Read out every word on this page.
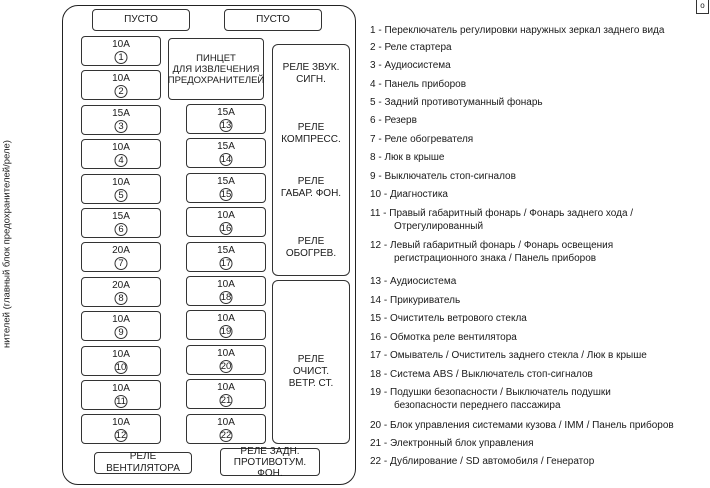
нителей (главный блок предохранителей/реле)
о
ПУСТО	ПУСТО
ПИНЦЕТ
ДЛЯ ИЗВЛЕЧЕНИЯ
ПРЕДОХРАНИТЕЛЕЙ
10A
1
10A
2
15A
3
10A
4
10A
5
15A
6
20A
7
20A
8
10A
9
10A
10
10A
11
10A
12
15A
13
15A
14
15A
15
10A
16
15A
17
10A
18
10A
19
10A
20
10A
21
10A
22
РЕЛЕ ЗВУК.
СИГН.
РЕЛЕ
КОМПРЕСС.
РЕЛЕ
ГАБАР. ФОН.
РЕЛЕ
ОБОГРЕВ.
РЕЛЕ
ОЧИСТ.
ВЕТР. СТ.
РЕЛЕ ВЕНТИЛЯТОРА
РЕЛЕ ЗАДН.
ПРОТИВОТУМ. ФОН.
1 - Переключатель регулировки наружных зеркал заднего вида
2 - Реле стартера
3 - Аудиосистема
4 - Панель приборов
5 - Задний противотуманный фонарь
6 - Резерв
7 - Реле обогревателя
8 - Люк в крыше
9 - Выключатель стоп-сигналов
10 - Диагностика
11 - Правый габаритный фонарь / Фонарь заднего хода /
Отрегулированный
12 - Левый габаритный фонарь / Фонарь освещения
регистрационного знака / Панель приборов
13 - Аудиосистема
14 - Прикуриватель
15 - Очиститель ветрового стекла
16 - Обмотка реле вентилятора
17 - Омыватель / Очиститель заднего стекла / Люк в крыше
18 - Система ABS / Выключатель стоп-сигналов
19 - Подушки безопасности / Выключатель подушки
безопасности переднего пассажира
20 - Блок управления системами кузова / IMM / Панель приборов
21 - Электронный блок управления
22 - Дублирование / SD автомобиля / Генератор
